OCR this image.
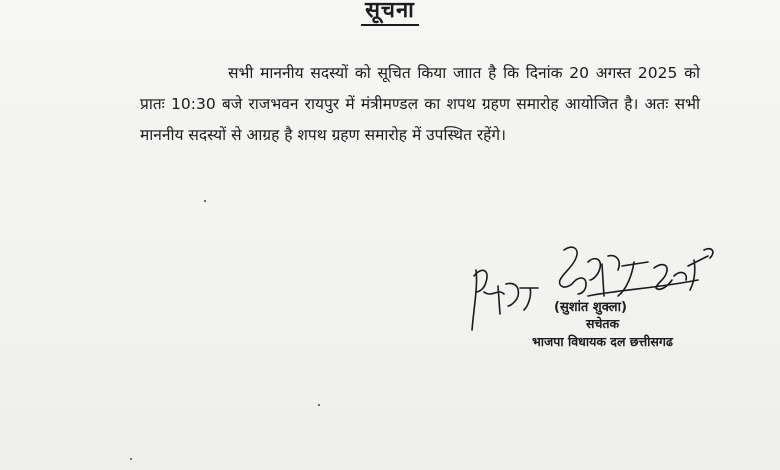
सूचना

सभी माननीय सदस्यों को सूचित किया जाात है कि दिनांक 20 अगस्त 2025 को प्रातः 10:30 बजे राजभवन रायपुर में मंत्रीमण्डल का शपथ ग्रहण समारोह आयोजित है। अतः सभी माननीय सदस्यों से आग्रह है शपथ ग्रहण समारोह में उपस्थित रहेंगे।

(सुशांत शुक्ला)
सचेतक
भाजपा विधायक दल छत्तीसगढ
